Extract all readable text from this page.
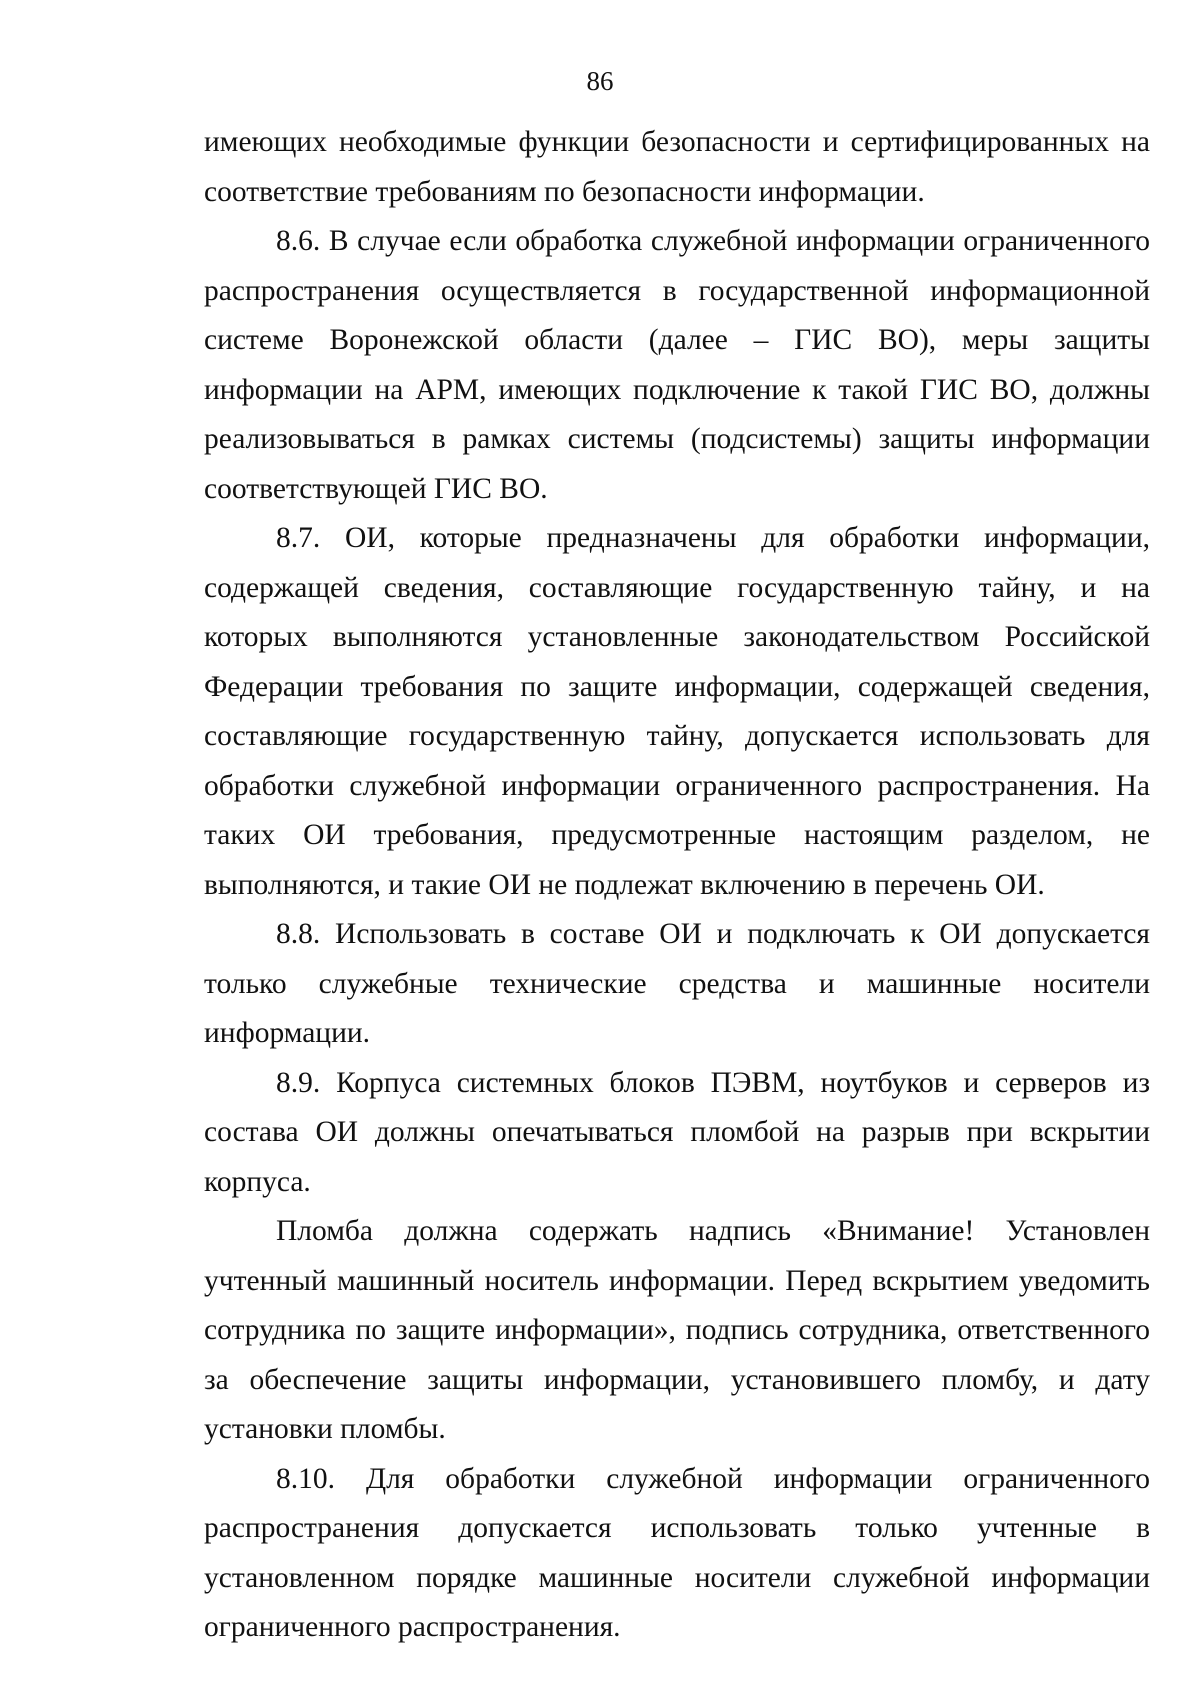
86

имеющих необходимые функции безопасности и сертифицированных на соответствие требованиям по безопасности информации.

8.6. В случае если обработка служебной информации ограниченного распространения осуществляется в государственной информационной системе Воронежской области (далее – ГИС ВО), меры защиты информации на АРМ, имеющих подключение к такой ГИС ВО, должны реализовываться в рамках системы (подсистемы) защиты информации соответствующей ГИС ВО.

8.7. ОИ, которые предназначены для обработки информации, содержащей сведения, составляющие государственную тайну, и на которых выполняются установленные законодательством Российской Федерации требования по защите информации, содержащей сведения, составляющие государственную тайну, допускается использовать для обработки служебной информации ограниченного распространения. На таких ОИ требования, предусмотренные настоящим разделом, не выполняются, и такие ОИ не подлежат включению в перечень ОИ.

8.8. Использовать в составе ОИ и подключать к ОИ допускается только служебные технические средства и машинные носители информации.

8.9. Корпуса системных блоков ПЭВМ, ноутбуков и серверов из состава ОИ должны опечатываться пломбой на разрыв при вскрытии корпуса.

Пломба должна содержать надпись «Внимание! Установлен учтенный машинный носитель информации. Перед вскрытием уведомить сотрудника по защите информации», подпись сотрудника, ответственного за обеспечение защиты информации, установившего пломбу, и дату установки пломбы.

8.10. Для обработки служебной информации ограниченного распространения допускается использовать только учтенные в установленном порядке машинные носители служебной информации ограниченного распространения.
